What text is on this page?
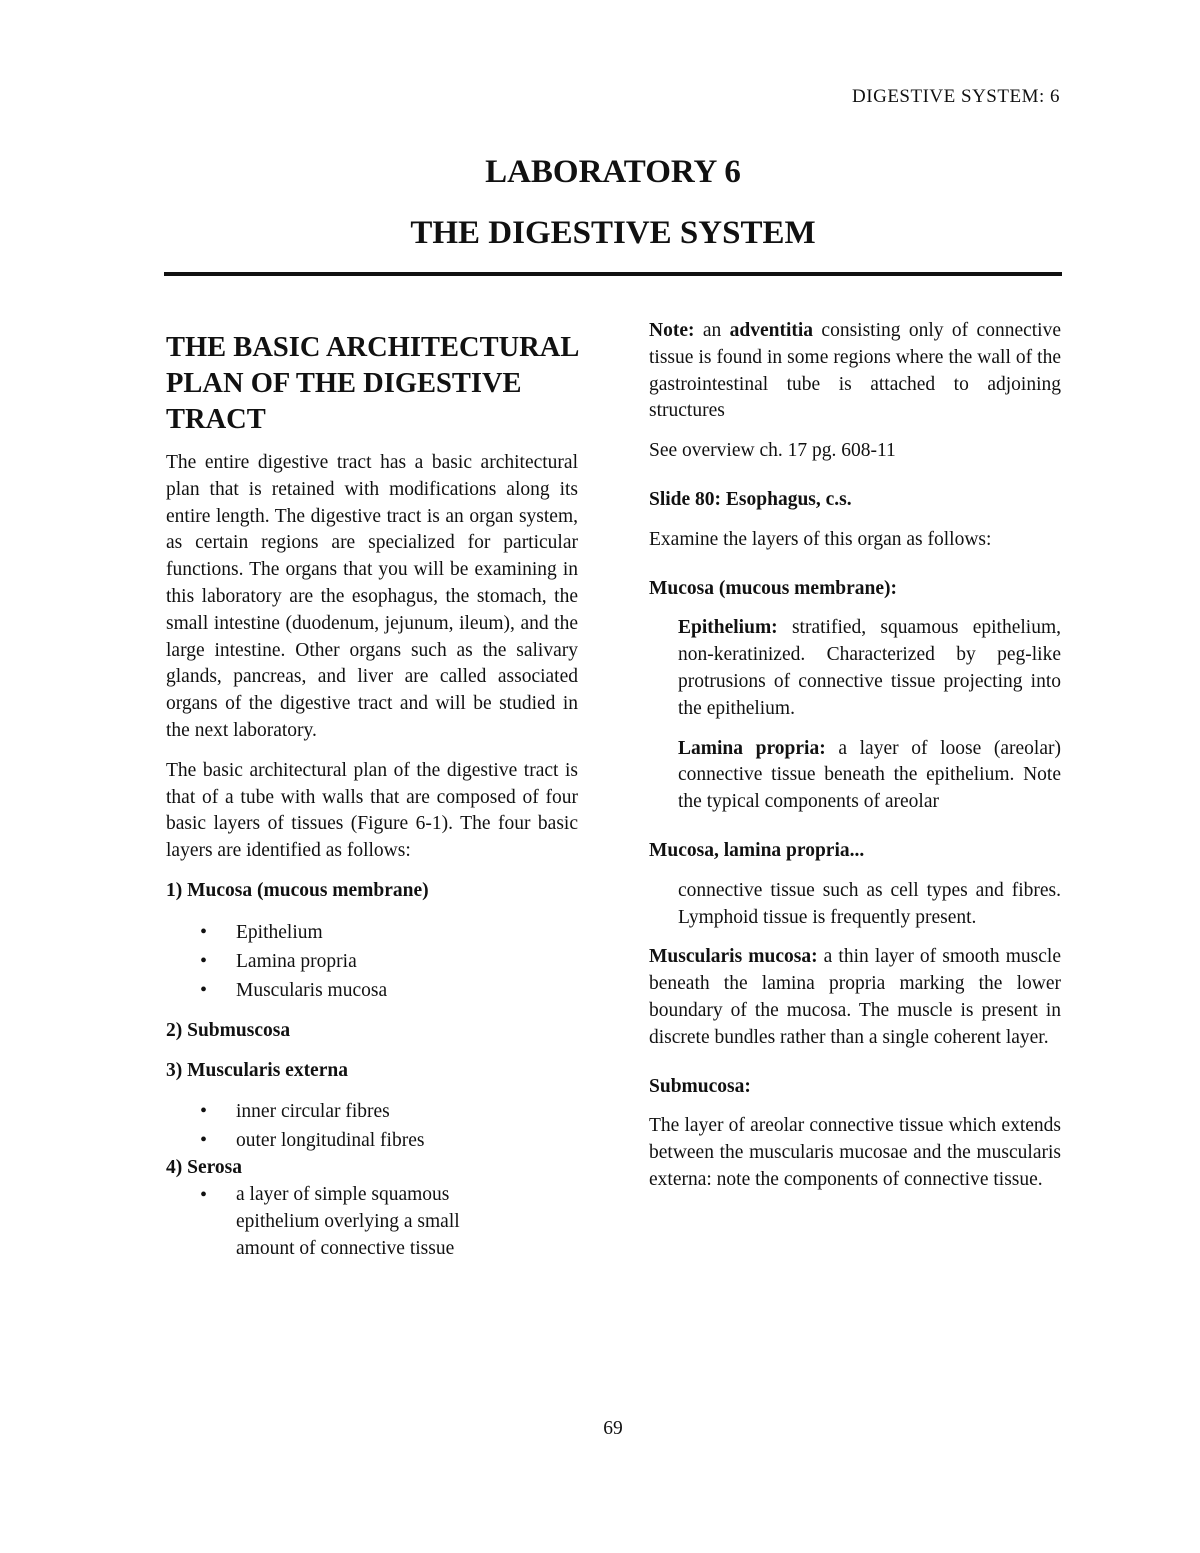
DIGESTIVE SYSTEM: 6
LABORATORY 6
THE DIGESTIVE SYSTEM
THE BASIC ARCHITECTURAL PLAN OF THE DIGESTIVE TRACT

The entire digestive tract has a basic architectural plan that is retained with modifications along its entire length. The digestive tract is an organ system, as certain regions are specialized for particular functions. The organs that you will be examining in this laboratory are the esophagus, the stomach, the small intestine (duodenum, jejunum, ileum), and the large intestine. Other organs such as the salivary glands, pancreas, and liver are called associated organs of the digestive tract and will be studied in the next laboratory.

The basic architectural plan of the digestive tract is that of a tube with walls that are composed of four basic layers of tissues (Figure 6-1). The four basic layers are identified as follows:

1) Mucosa (mucous membrane)

• Epithelium
• Lamina propria
• Muscularis mucosa

2) Submuscosa

3) Muscularis externa

• inner circular fibres
• outer longitudinal fibres

4) Serosa

• a layer of simple squamous epithelium overlying a small amount of connective tissue

Note: an adventitia consisting only of connective tissue is found in some regions where the wall of the gastrointestinal tube is attached to adjoining structures

See overview ch. 17 pg. 608-11

Slide 80: Esophagus, c.s.

Examine the layers of this organ as follows:

Mucosa (mucous membrane):

Epithelium: stratified, squamous epithelium, non-keratinized. Characterized by peg-like protrusions of connective tissue projecting into the epithelium.

Lamina propria: a layer of loose (areolar) connective tissue beneath the epithelium. Note the typical components of areolar

Mucosa, lamina propria...

connective tissue such as cell types and fibres. Lymphoid tissue is frequently present.

Muscularis mucosa: a thin layer of smooth muscle beneath the lamina propria marking the lower boundary of the mucosa. The muscle is present in discrete bundles rather than a single coherent layer.

Submucosa:

The layer of areolar connective tissue which extends between the muscularis mucosae and the muscularis externa: note the components of connective tissue.

69
